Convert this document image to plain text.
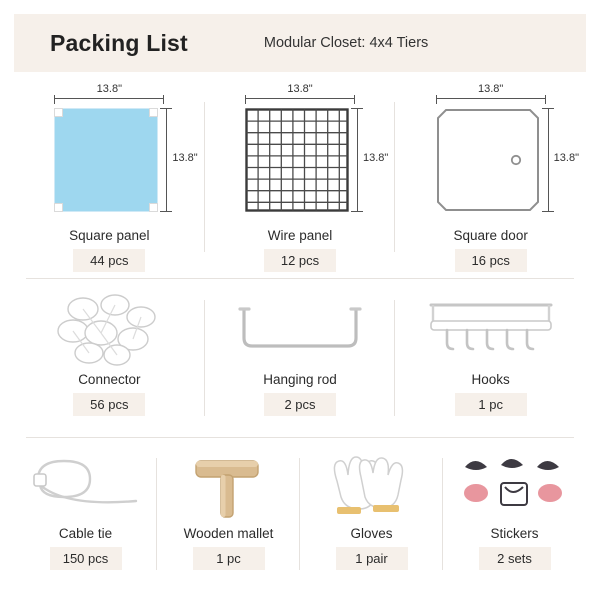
Packing List	Modular Closet: 4x4 Tiers
13.8"
13.8"
Square panel
44 pcs
13.8"
13.8"
Wire panel
12 pcs
13.8"
13.8"
Square door
16 pcs
Connector
56 pcs
Hanging rod
2 pcs
Hooks
1 pc
Cable tie
150 pcs
Wooden mallet
1 pc
Gloves
1 pair
Stickers
2 sets
